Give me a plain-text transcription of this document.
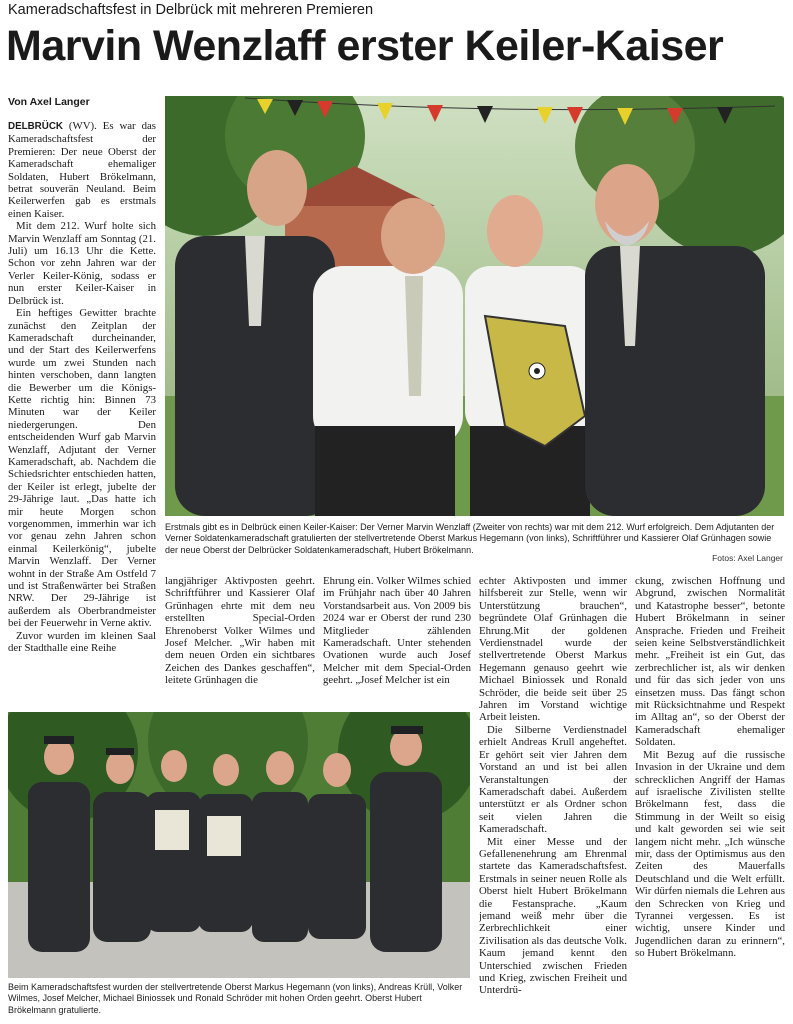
Kameradschaftsfest in Delbrück mit mehreren Premieren
Marvin Wenzlaff erster Keiler-Kaiser
Von Axel Langer

DELBRÜCK (WV). Es war das Kameradschaftsfest der Premieren: Der neue Oberst der Kameradschaft ehemaliger Soldaten, Hubert Brökelmann, betrat souverän Neuland. Beim Keilerwerfen gab es erstmals einen Kaiser.

Mit dem 212. Wurf holte sich Marvin Wenzlaff am Sonntag (21. Juli) um 16.13 Uhr die Kette. Schon vor zehn Jahren war der Verler Keiler-König, sodass er nun erster Keiler-Kaiser in Delbrück ist.

Ein heftiges Gewitter brachte zunächst den Zeitplan der Kameradschaft durcheinander, und der Start des Keilerwerfens wurde um zwei Stunden nach hinten verschoben, dann langten die Bewerber um die Königs-Kette richtig hin: Binnen 73 Minuten war der Keiler niedergerungen. Den entscheidenden Wurf gab Marvin Wenzlaff, Adjutant der Verner Kameradschaft, ab. Nachdem die Schiedsrichter entschieden hatten, der Keiler ist erlegt, jubelte der 29-Jährige laut. „Das hatte ich mir heute Morgen schon vorgenommen, immerhin war ich vor genau zehn Jahren schon einmal Keilerkönig“, jubelte Marvin Wenzlaff. Der Verner wohnt in der Straße Am Ostfeld 7 und ist Straßenwärter bei Straßen NRW. Der 29-Jährige ist außerdem als Oberbrandmeister bei der Feuerwehr in Verne aktiv.

Zuvor wurden im kleinen Saal der Stadthalle eine Reihe

Erstmals gibt es in Delbrück einen Keiler-Kaiser: Der Verner Marvin Wenzlaff (Zweiter von rechts) war mit dem 212. Wurf erfolgreich. Dem Adjutanten der Verner Soldatenkameradschaft gratulierten der stellvertretende Oberst Markus Hegemann (von links), Schriftführer und Kassierer Olaf Grünhagen sowie der neue Oberst der Delbrücker Soldatenkameradschaft, Hubert Brökelmann.
Fotos: Axel Langer

langjähriger Aktivposten geehrt. Schriftführer und Kassierer Olaf Grünhagen ehrte mit dem neu erstellten Special-Orden Ehrenoberst Volker Wilmes und Josef Melcher. „Wir haben mit dem neuen Orden ein sichtbares Zeichen des Dankes geschaffen“, leitete Grünhagen die

Ehrung ein. Volker Wilmes schied im Frühjahr nach über 40 Jahren Vorstandsarbeit aus. Von 2009 bis 2024 war er Oberst der rund 230 Mitglieder zählenden Kameradschaft. Unter stehenden Ovationen wurde auch Josef Melcher mit dem Special-Orden geehrt. „Josef Melcher ist ein

echter Aktivposten und immer hilfsbereit zur Stelle, wenn wir Unterstützung brauchen“, begründete Olaf Grünhagen die Ehrung.Mit der goldenen Verdienstnadel wurde der stellvertretende Oberst Markus Hegemann genauso geehrt wie Michael Biniossek und Ronald Schröder, die beide seit über 25 Jahren im Vorstand wichtige Arbeit leisten.

Die Silberne Verdienstnadel erhielt Andreas Krull angeheftet. Er gehört seit vier Jahren dem Vorstand an und ist bei allen Veranstaltungen der Kameradschaft dabei. Außerdem unterstützt er als Ordner schon seit vielen Jahren die Kameradschaft.

Mit einer Messe und der Gefallenenehrung am Ehrenmal startete das Kameradschaftsfest. Erstmals in seiner neuen Rolle als Oberst hielt Hubert Brökelmann die Festansprache. „Kaum jemand weiß mehr über die Zerbrechlichkeit einer Zivilisation als das deutsche Volk. Kaum jemand kennt den Unterschied zwischen Frieden und Krieg, zwischen Freiheit und Unterdrü-

ckung, zwischen Hoffnung und Abgrund, zwischen Normalität und Katastrophe besser“, betonte Hubert Brökelmann in seiner Ansprache. Frieden und Freiheit seien keine Selbstverständlichkeit mehr. „Freiheit ist ein Gut, das zerbrechlicher ist, als wir denken und für das sich jeder von uns einsetzen muss. Das fängt schon mit Rücksichtnahme und Respekt im Alltag an“, so der Oberst der Kameradschaft ehemaliger Soldaten.

Mit Bezug auf die russische Invasion in der Ukraine und dem schrecklichen Angriff der Hamas auf israelische Zivilisten stellte Brökelmann fest, dass die Stimmung in der Weilt so eisig und kalt geworden sei wie seit langem nicht mehr. „Ich wünsche mir, dass der Optimismus aus den Zeiten des Mauerfalls Deutschland und die Welt erfüllt. Wir dürfen niemals die Lehren aus den Schrecken von Krieg und Tyrannei vergessen. Es ist wichtig, unsere Kinder und Jugendlichen daran zu erinnern“, so Hubert Brökelmann.

Beim Kameradschaftsfest wurden der stellvertretende Oberst Markus Hegemann (von links), Andreas Krüll, Volker Wilmes, Josef Melcher, Michael Biniossek und Ronald Schröder mit hohen Orden geehrt. Oberst Hubert Brökelmann gratulierte.
